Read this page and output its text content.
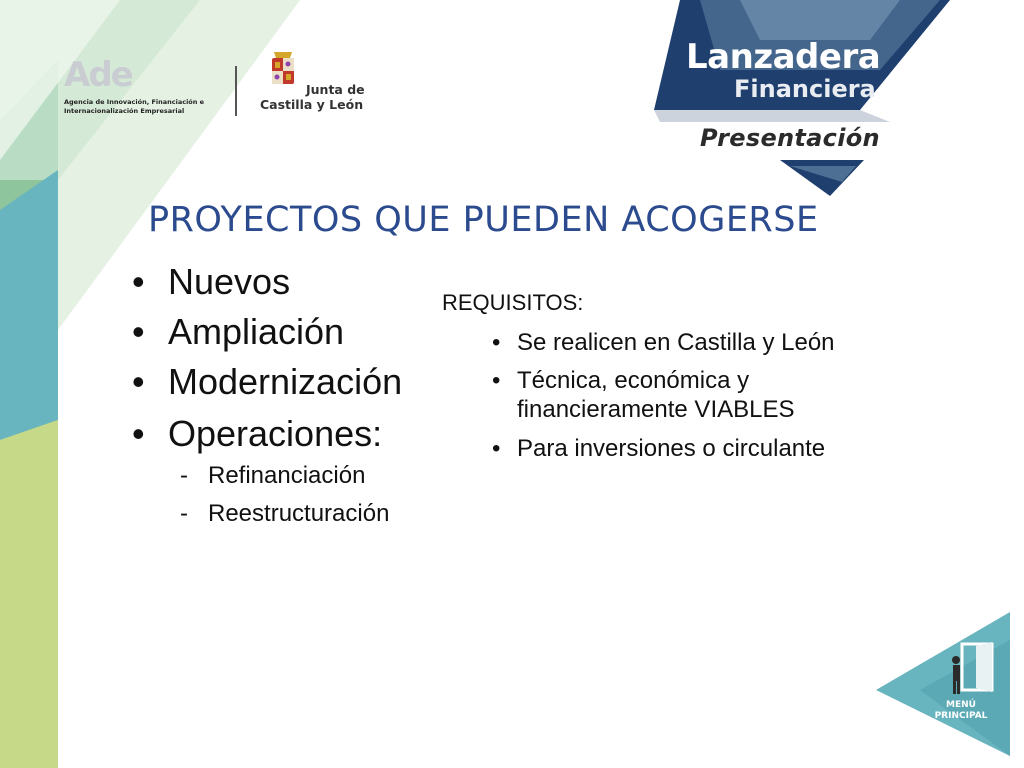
Ade
Agencia de Innovación, Financiación e Internacionalización Empresarial
Junta de
Castilla y León
Lanzadera
Financiera
Presentación
PROYECTOS QUE PUEDEN ACOGERSE
• Nuevos
• Ampliación
• Modernización
• Operaciones:
- Refinanciación
- Reestructuración
REQUISITOS:
• Se realicen en Castilla y León
• Técnica, económica y
financieramente VIABLES
• Para inversiones o circulante
MENÚ
PRINCIPAL
